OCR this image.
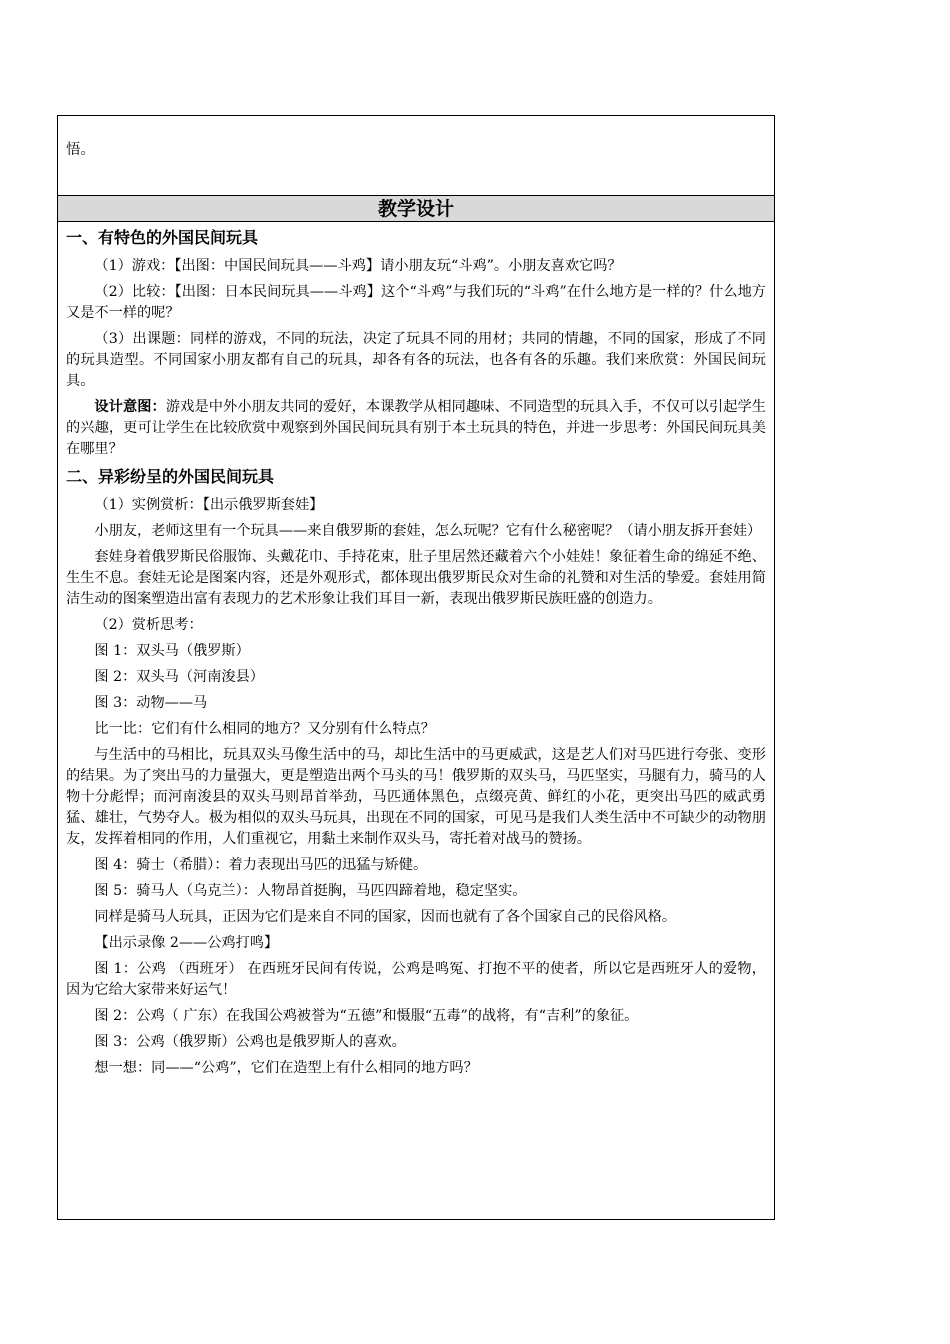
悟。
教学设计
一、有特色的外国民间玩具

（1）游戏：【出图：中国民间玩具——斗鸡】请小朋友玩“斗鸡”。小朋友喜欢它吗？

（2）比较：【出图：日本民间玩具——斗鸡】这个“斗鸡”与我们玩的“斗鸡”在什么地方是一样的？什么地方又是不一样的呢？

（3）出课题：同样的游戏，不同的玩法，决定了玩具不同的用材；共同的情趣，不同的国家，形成了不同的玩具造型。不同国家小朋友都有自己的玩具，却各有各的玩法，也各有各的乐趣。我们来欣赏：外国民间玩具。

设计意图：游戏是中外小朋友共同的爱好，本课教学从相同趣味、不同造型的玩具入手，不仅可以引起学生的兴趣，更可让学生在比较欣赏中观察到外国民间玩具有别于本土玩具的特色，并进一步思考：外国民间玩具美在哪里？

二、异彩纷呈的外国民间玩具

（1）实例赏析：【出示俄罗斯套娃】

小朋友，老师这里有一个玩具——来自俄罗斯的套娃，怎么玩呢？它有什么秘密呢？（请小朋友拆开套娃）

套娃身着俄罗斯民俗服饰、头戴花巾、手持花束，肚子里居然还藏着六个小娃娃！象征着生命的绵延不绝、生生不息。套娃无论是图案内容，还是外观形式，都体现出俄罗斯民众对生命的礼赞和对生活的挚爱。套娃用简洁生动的图案塑造出富有表现力的艺术形象让我们耳目一新，表现出俄罗斯民族旺盛的创造力。

（2）赏析思考：

图 1：双头马（俄罗斯）

图 2：双头马（河南浚县）

图 3：动物——马

比一比：它们有什么相同的地方？又分别有什么特点？

与生活中的马相比，玩具双头马像生活中的马，却比生活中的马更威武，这是艺人们对马匹进行夸张、变形的结果。为了突出马的力量强大，更是塑造出两个马头的马！俄罗斯的双头马，马匹坚实，马腿有力，骑马的人物十分彪悍；而河南浚县的双头马则昂首举劲，马匹通体黑色，点缀亮黄、鲜红的小花，更突出马匹的威武勇猛、雄壮，气势夺人。极为相似的双头马玩具，出现在不同的国家，可见马是我们人类生活中不可缺少的动物朋友，发挥着相同的作用，人们重视它，用黏土来制作双头马，寄托着对战马的赞扬。

图 4：骑士（希腊）：着力表现出马匹的迅猛与矫健。

图 5：骑马人（乌克兰）：人物昂首挺胸，马匹四蹄着地，稳定坚实。

同样是骑马人玩具，正因为它们是来自不同的国家，因而也就有了各个国家自己的民俗风格。

【出示录像 2——公鸡打鸣】

图 1：公鸡 （西班牙） 在西班牙民间有传说，公鸡是鸣冤、打抱不平的使者，所以它是西班牙人的爱物，因为它给大家带来好运气！

图 2：公鸡（ 广东）在我国公鸡被誉为“五德”和慑服“五毒”的战将，有“吉利”的象征。

图 3：公鸡（俄罗斯）公鸡也是俄罗斯人的喜欢。

想一想：同——“公鸡”，它们在造型上有什么相同的地方吗？
